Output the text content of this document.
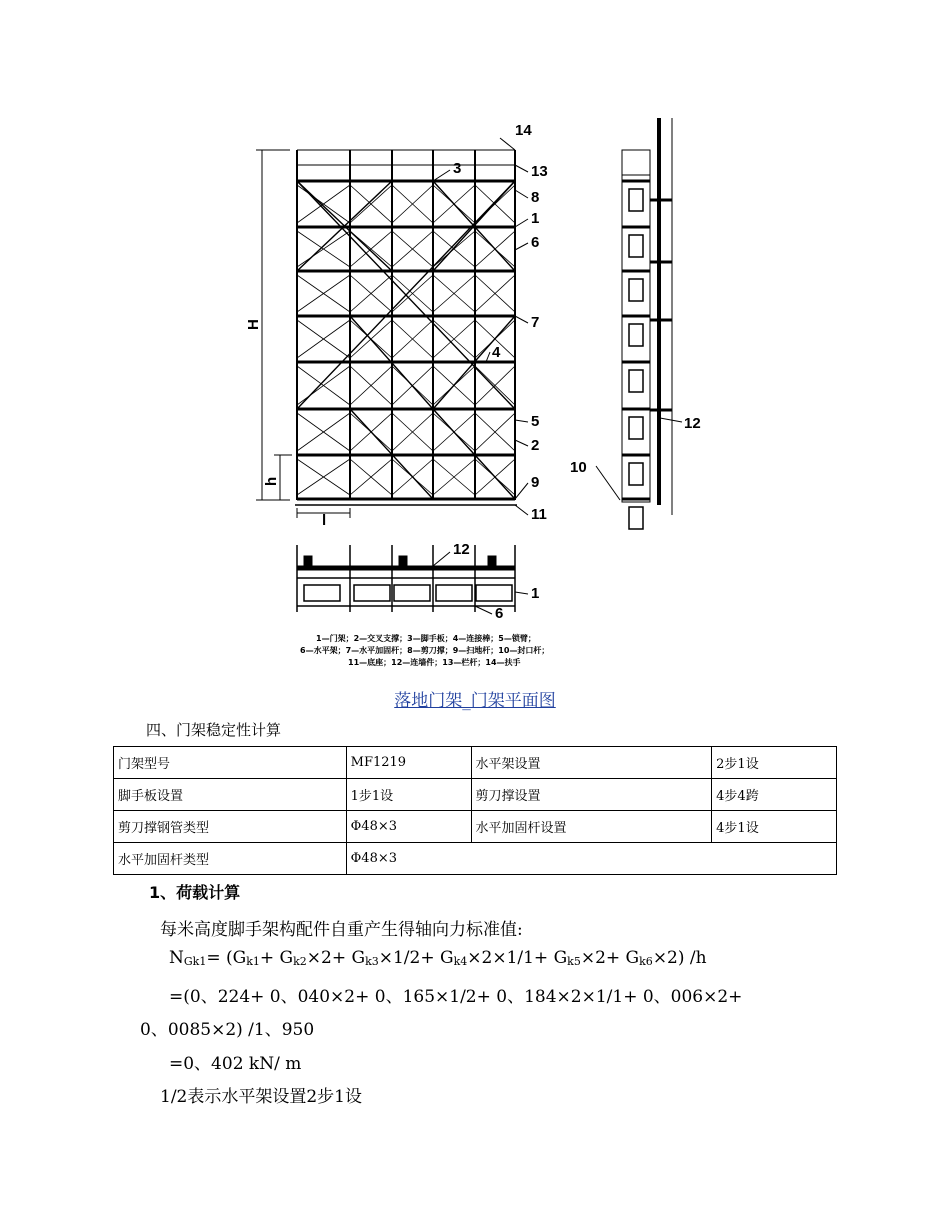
14
13
3
8
1
6
7
4
5
2
9
11
H
h
l
12
10
12
1
6
1—门架；2—交叉支撑；3—脚手板；4—连接棒；5—锁臂；
6—水平架；7—水平加固杆；8—剪刀撑；9—扫地杆；10—封口杆；
11—底座；12—连墙件；13—栏杆；14—扶手
落地门架_门架平面图
四、门架稳定性计算
门架型号	MF1219	水平架设置	2步1设
脚手板设置	1步1设	剪刀撑设置	4步4跨
剪刀撑钢管类型	Φ48×3	水平加固杆设置	4步1设
水平加固杆类型	Φ48×3		
1、荷载计算
每米高度脚手架构配件自重产生得轴向力标准值:
$N_{Gk1}= (G_{k1}+ G_{k2}\times 2+ G_{k3}\times 1/2+ G_{k4}\times 2\times 1/1+ G_{k5}\times 2+ G_{k6}\times 2)$ /h
=(0、224+ 0、040×2+ 0、165×1/2+ 0、184×2×1/1+ 0、006×2+
0、0085×2) /1、950
=0、402 kN/ m
1/2表示水平架设置2步1设
